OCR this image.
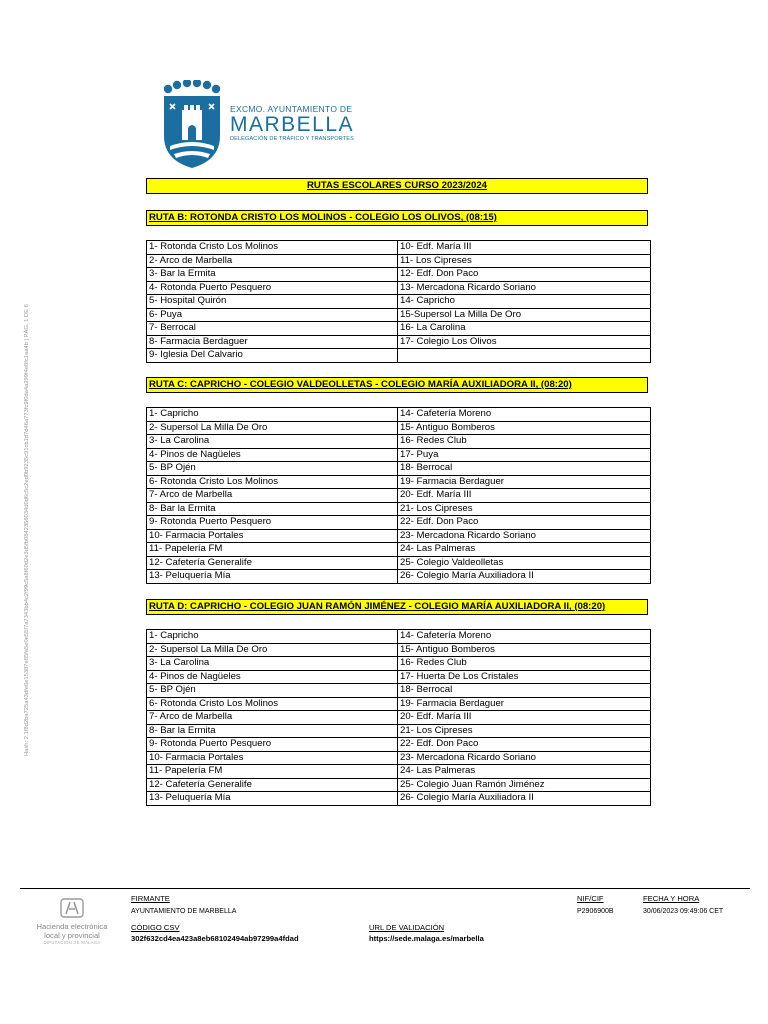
EXCMO. AYUNTAMIENTO DE
MARBELLA
DELEGACIÓN DE TRÁFICO Y TRANSPORTES
Hash: 2.1f8d2ba725a43dfe6e15387e85fa5e0e55f7a7343bb4c2f99c5a8f60d2e3d5fb0842356034d0d6c5c2ed0b9235c91cb1d7d46a773fc9f0da4a299f4e8fc1aa4b | PÁG. 1 DE 6
RUTAS ESCOLARES CURSO 2023/2024
RUTA B: ROTONDA CRISTO LOS MOLINOS - COLEGIO LOS OLIVOS, (08:15)
1- Rotonda Cristo Los Molinos	10- Edf. María III
2- Arco de Marbella	11- Los Cipreses
3- Bar la Ermita	12- Edf. Don Paco
4- Rotonda Puerto Pesquero	13- Mercadona Ricardo Soriano
5- Hospital Quirón	14- Capricho
6- Puya	15-Supersol La Milla De Oro
7- Berrocal	16- La Carolina
8- Farmacia Berdaguer	17- Colegio Los Olivos
9- Iglesia Del Calvario	
RUTA C: CAPRICHO - COLEGIO VALDEOLLETAS - COLEGIO MARÍA AUXILIADORA II, (08:20)
1- Capricho	14- Cafetería Moreno
2- Supersol La Milla De Oro	15- Antiguo Bomberos
3- La Carolina	16- Redes Club
4- Pinos de Nagüeles	17- Puya
5- BP Ojén	18- Berrocal
6- Rotonda Cristo Los Molinos	19- Farmacia Berdaguer
7- Arco de Marbella	20- Edf. María III
8- Bar la Ermita	21- Los Cipreses
9- Rotonda Puerto Pesquero	22- Edf. Don Paco
10- Farmacia Portales	23- Mercadona Ricardo Soriano
11- Papelería FM	24- Las Palmeras
12- Cafetería Generalife	25- Colegio Valdeolletas
13- Peluquería Mía	26- Colegio María Auxiliadora II
RUTA D: CAPRICHO - COLEGIO JUAN RAMÓN JIMÉNEZ - COLEGIO MARÍA AUXILIADORA II, (08:20)
1- Capricho	14- Cafetería Moreno
2- Supersol La Milla De Oro	15- Antiguo Bomberos
3- La Carolina	16- Redes Club
4- Pinos de Nagüeles	17- Huerta De Los Cristales
5- BP Ojén	18- Berrocal
6- Rotonda Cristo Los Molinos	19- Farmacia Berdaguer
7- Arco de Marbella	20- Edf. María III
8- Bar la Ermita	21- Los Cipreses
9- Rotonda Puerto Pesquero	22- Edf. Don Paco
10- Farmacia Portales	23- Mercadona Ricardo Soriano
11- Papelería FM	24- Las Palmeras
12- Cafetería Generalife	25- Colegio Juan Ramón Jiménez
13- Peluquería Mía	26- Colegio María Auxiliadora II
Hacienda electrónica
local y provincial
DIPUTACIÓN DE MÁLAGA
FIRMANTE
AYUNTAMIENTO DE MARBELLA
NIF/CIF
P2906900B
FECHA Y HORA
30/06/2023 09:49:06 CET
CÓDIGO CSV
302f632cd4ea423a8eb68102494ab97299a4fdad
URL DE VALIDACIÓN
https://sede.malaga.es/marbella
